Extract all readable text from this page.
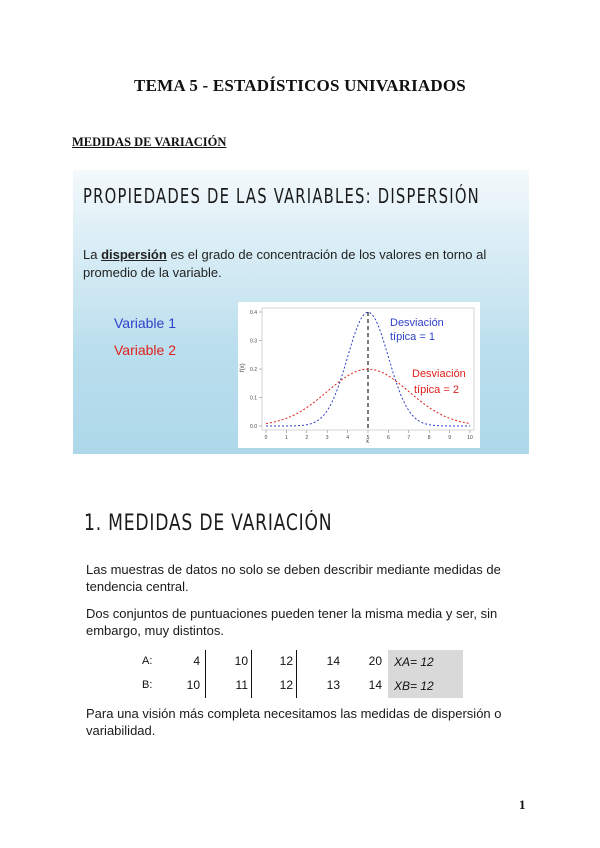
TEMA 5 - ESTADÍSTICOS UNIVARIADOS
MEDIDAS DE VARIACIÓN
PROPIEDADES DE LAS VARIABLES: DISPERSIÓN
La dispersión es el grado de concentración de los valores en torno al promedio de la variable.
Variable 1
Variable 2
0	1	2	3	4	5	6	7	8	9	10
0.0
0.1
0.2
0.3
0.4
Desviación
típica = 1
Desviación
típica = 2
f(x)
x
1. MEDIDAS DE VARIACIÓN
Las muestras de datos no solo se deben describir mediante medidas de tendencia central.
Dos conjuntos de puntuaciones pueden tener la misma media y ser, sin embargo, muy distintos.
A:	4	10	12	14	20 XA= 12
B:	10	11	12	13	14 XB= 12
Para una visión más completa necesitamos las medidas de dispersión o variabilidad.
1
